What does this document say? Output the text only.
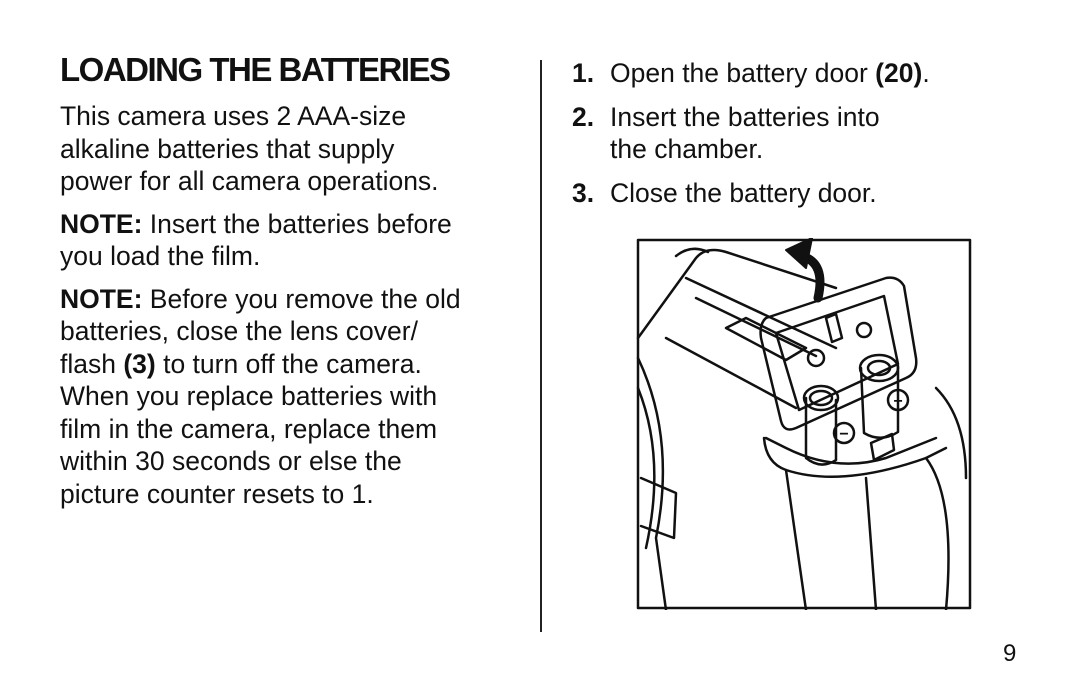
LOADING THE BATTERIES

This camera uses 2 AAA-size

alkaline batteries that supply

power for all camera operations.

NOTE: Insert the batteries before
you load the film.
NOTE: Before you remove the old
batteries, close the lens cover/
flash (3) to turn off the camera.
When you replace batteries with
film in the camera, replace them
within 30 seconds or else the
picture counter resets to 1.
1. Open the battery door (20).
2. Insert the batteries into

the chamber.

3. Close the battery door.

+
−
9
